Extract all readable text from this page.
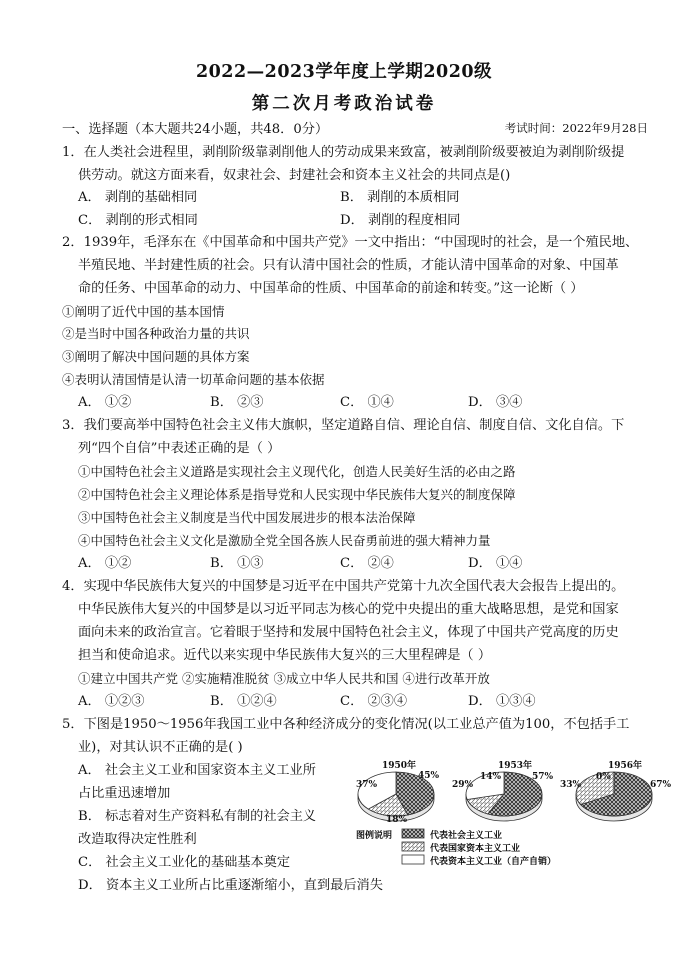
2022—2023学年度上学期2020级
第二次月考政治试卷
考试时间：2022年9月28日
一、选择题（本大题共24小题，共48．0分）
1．在人类社会进程里，剥削阶级靠剥削他人的劳动成果来致富，被剥削阶级要被迫为剥削阶级提
供劳动。就这方面来看，奴隶社会、封建社会和资本主义社会的共同点是()
A． 剥削的基础相同	B． 剥削的本质相同
C． 剥削的形式相同	D． 剥削的程度相同
2．1939年，毛泽东在《中国革命和中国共产党》一文中指出：“中国现时的社会，是一个殖民地、
半殖民地、半封建性质的社会。只有认清中国社会的性质，才能认清中国革命的对象、中国革
命的任务、中国革命的动力、中国革命的性质、中国革命的前途和转变。”这一论断（ ）
①阐明了近代中国的基本国情
②是当时中国各种政治力量的共识
③阐明了解决中国问题的具体方案
④表明认清国情是认清一切革命问题的基本依据
A． ①②	B． ②③	C． ①④	D． ③④
3．我们要高举中国特色社会主义伟大旗帜，坚定道路自信、理论自信、制度自信、文化自信。下
列“四个自信”中表述正确的是（ ）
①中国特色社会主义道路是实现社会主义现代化，创造人民美好生活的必由之路
②中国特色社会主义理论体系是指导党和人民实现中华民族伟大复兴的制度保障
③中国特色社会主义制度是当代中国发展进步的根本法治保障
④中国特色社会主义文化是激励全党全国各族人民奋勇前进的强大精神力量
A． ①②	B． ①③	C． ②④	D． ①④
4．实现中华民族伟大复兴的中国梦是习近平在中国共产党第十九次全国代表大会报告上提出的。
中华民族伟大复兴的中国梦是以习近平同志为核心的党中央提出的重大战略思想，是党和国家
面向未来的政治宣言。它着眼于坚持和发展中国特色社会主义，体现了中国共产党高度的历史
担当和使命追求。近代以来实现中华民族伟大复兴的三大里程碑是（ ）
①建立中国共产党 ②实施精准脱贫 ③成立中华人民共和国 ④进行改革开放
A． ①②③	B． ①②④	C． ②③④	D． ①③④
5．下图是1950～1956年我国工业中各种经济成分的变化情况(以工业总产值为100，不包括手工
业)，对其认识不正确的是( )
A． 社会主义工业和国家资本主义工业所
占比重迅速增加
B． 标志着对生产资料私有制的社会主义
改造取得决定性胜利
C． 社会主义工业化的基础基本奠定
D． 资本主义工业所占比重逐渐缩小，直到最后消失
1950年	1953年	1956年
37%
45%
18%
29%
14%	57%
33%
0%
67%
图例说明	代表社会主义工业
代表国家资本主义工业
代表资本主义工业（自产自销）
